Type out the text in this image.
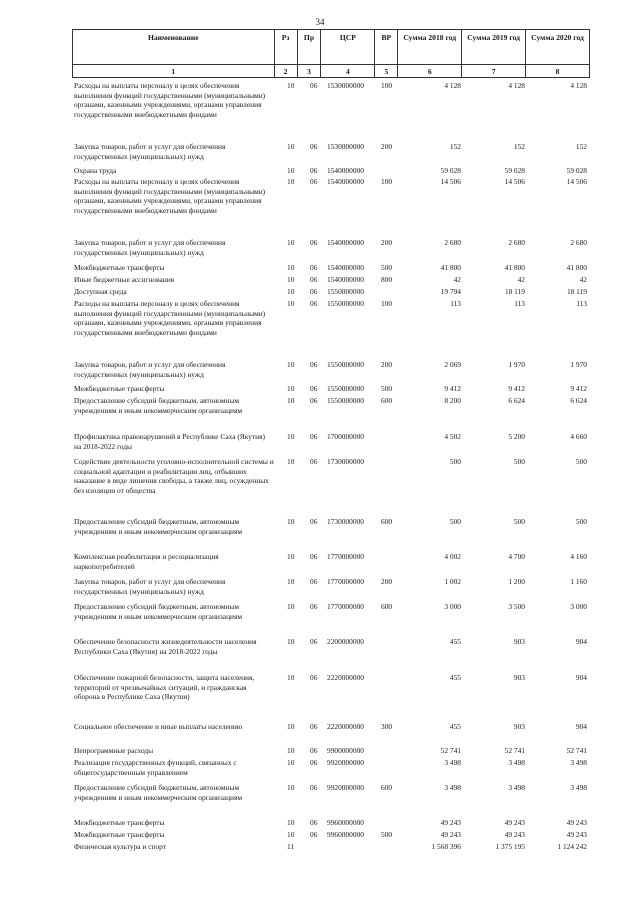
34
Наименование	Рз	Пр	ЦСР	ВР	Сумма 2018 год	Сумма 2019 год	Сумма 2020 год
1	2	3	4	5	6	7	8
Расходы на выплаты персоналу в целях обеспечения выполнения функций государственными (муниципальными) органами, казенными учреждениями, органами управления государственными внебюджетными фондами
10 06 1530000000 100	4 128	4 128	4 128
Закупка товаров, работ и услуг для обеспечения государственных (муниципальных) нужд
10 06 1530000000 200	152	152	152
Охрана труда	10 06 1540000000	59 028	59 028	59 028
Расходы на выплаты персоналу в целях обеспечения выполнения функций государственными (муниципальными) органами, казенными учреждениями, органами управления государственными внебюджетными фондами
10 06 1540000000 100	14 506	14 506	14 506
Закупка товаров, работ и услуг для обеспечения государственных (муниципальных) нужд
10 06 1540000000 200	2 680	2 680	2 680
Межбюджетные трансферты	10 06 1540000000 500	41 800	41 800	41 800
Иные бюджетные ассигнования	10 06 1540000000 800	42	42	42
Доступная среда	10 06 1550000000	19 794	18 119	18 119
Расходы на выплаты персоналу в целях обеспечения выполнения функций государственными (муниципальными) органами, казенными учреждениями, органами управления государственными внебюджетными фондами
10 06 1550000000 100	113	113	113
Закупка товаров, работ и услуг для обеспечения государственных (муниципальных) нужд
10 06 1550000000 200	2 069	1 970	1 970
Межбюджетные трансферты	10 06 1550000000 500	9 412	9 412	9 412
Предоставление субсидий бюджетным, автономным учреждениям и иным некоммерческим организациям
10 06 1550000000 600	8 200	6 624	6 624
Профилактика правонарушений в Республике Саха (Якутия) на 2018-2022 годы
10 06 1700000000	4 502	5 200	4 660
Содействие деятельности уголовно-исполнительной системы и социальной адаптации и реабилитации лиц, отбывших наказание в виде лишения свободы, а также лиц, осужденных без изоляции от общества
10 06 1730000000	500	500	500
Предоставление субсидий бюджетным, автономным учреждениям и иным некоммерческим организациям
10 06 1730000000 600	500	500	500
Комплексная реабилитация и ресоциализация наркопотребителей
10 06 1770000000	4 002	4 700	4 160
Закупка товаров, работ и услуг для обеспечения государственных (муниципальных) нужд
10 06 1770000000 200	1 002	1 200	1 160
Предоставление субсидий бюджетным, автономным учреждениям и иным некоммерческим организациям
10 06 1770000000 600	3 000	3 500	3 000
Обеспечение безопасности жизнедеятельности населения Республики Саха (Якутия) на 2018-2022 годы
10 06 2200000000	455	903	904
Обеспечение пожарной безопасности, защита населения, территорий от чрезвычайных ситуаций, и гражданская оборона в Республике Саха (Якутия)
10 06 2220000000	455	903	904
Социальное обеспечение и иные выплаты населению	10 06 2220000000 300	455	903	904
Непрограммные расходы	10 06 9900000000	52 741	52 741	52 741
Реализация государственных функций, связанных с общегосударственным управлением
10 06 9920000000	3 498	3 498	3 498
Предоставление субсидий бюджетным, автономным учреждениям и иным некоммерческим организациям
10 06 9920000000 600	3 498	3 498	3 498
Межбюджетные трансферты	10 06 9960000000	49 243	49 243	49 243
Межбюджетные трансферты	10 06 9960000000 500	49 243	49 243	49 243
Физическая культура и спорт	11	1 568 396	1 375 195	1 124 242
